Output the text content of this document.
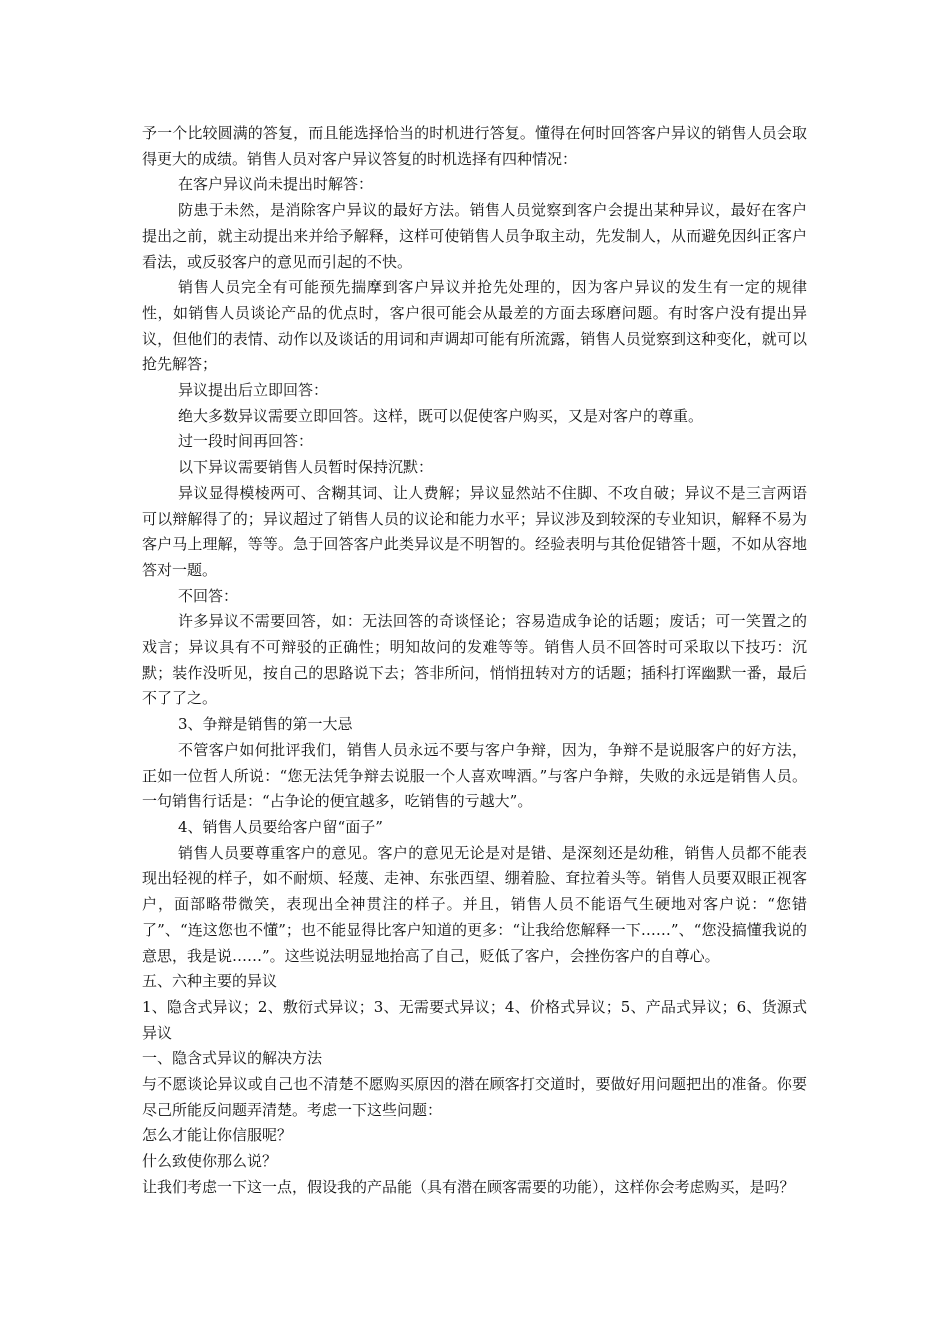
予一个比较圆满的答复，而且能选择恰当的时机进行答复。懂得在何时回答客户异议的销售人员会取得更大的成绩。销售人员对客户异议答复的时机选择有四种情况：

在客户异议尚未提出时解答：

防患于未然，是消除客户异议的最好方法。销售人员觉察到客户会提出某种异议，最好在客户提出之前，就主动提出来并给予解释，这样可使销售人员争取主动，先发制人，从而避免因纠正客户看法，或反驳客户的意见而引起的不快。

销售人员完全有可能预先揣摩到客户异议并抢先处理的，因为客户异议的发生有一定的规律性，如销售人员谈论产品的优点时，客户很可能会从最差的方面去琢磨问题。有时客户没有提出异议，但他们的表情、动作以及谈话的用词和声调却可能有所流露，销售人员觉察到这种变化，就可以抢先解答；

异议提出后立即回答：

绝大多数异议需要立即回答。这样，既可以促使客户购买，又是对客户的尊重。

过一段时间再回答：

以下异议需要销售人员暂时保持沉默：

异议显得模棱两可、含糊其词、让人费解；异议显然站不住脚、不攻自破；异议不是三言两语可以辩解得了的；异议超过了销售人员的议论和能力水平；异议涉及到较深的专业知识，解释不易为客户马上理解，等等。急于回答客户此类异议是不明智的。经验表明与其伧促错答十题，不如从容地答对一题。

不回答：

许多异议不需要回答，如：无法回答的奇谈怪论；容易造成争论的话题；废话；可一笑置之的戏言；异议具有不可辩驳的正确性；明知故问的发难等等。销售人员不回答时可采取以下技巧：沉默；装作没听见，按自己的思路说下去；答非所问，悄悄扭转对方的话题；插科打诨幽默一番，最后不了了之。

3、争辩是销售的第一大忌

不管客户如何批评我们，销售人员永远不要与客户争辩，因为，争辩不是说服客户的好方法，正如一位哲人所说：“您无法凭争辩去说服一个人喜欢啤酒。”与客户争辩，失败的永远是销售人员。一句销售行话是：“占争论的便宜越多，吃销售的亏越大”。

4、销售人员要给客户留“面子”

销售人员要尊重客户的意见。客户的意见无论是对是错、是深刻还是幼稚，销售人员都不能表现出轻视的样子，如不耐烦、轻蔑、走神、东张西望、绷着脸、耷拉着头等。销售人员要双眼正视客户，面部略带微笑，表现出全神贯注的样子。并且，销售人员不能语气生硬地对客户说：“您错了”、“连这您也不懂”；也不能显得比客户知道的更多：“让我给您解释一下……”、“您没搞懂我说的意思，我是说……”。这些说法明显地抬高了自己，贬低了客户，会挫伤客户的自尊心。

五、六种主要的异议

1、隐含式异议；2、敷衍式异议；3、无需要式异议；4、价格式异议；5、产品式异议；6、货源式异议

一、隐含式异议的解决方法

与不愿谈论异议或自己也不清楚不愿购买原因的潜在顾客打交道时，要做好用问题把出的准备。你要尽己所能反问题弄清楚。考虑一下这些问题：

怎么才能让你信服呢？

什么致使你那么说？

让我们考虑一下这一点，假设我的产品能（具有潜在顾客需要的功能），这样你会考虑购买，是吗？
